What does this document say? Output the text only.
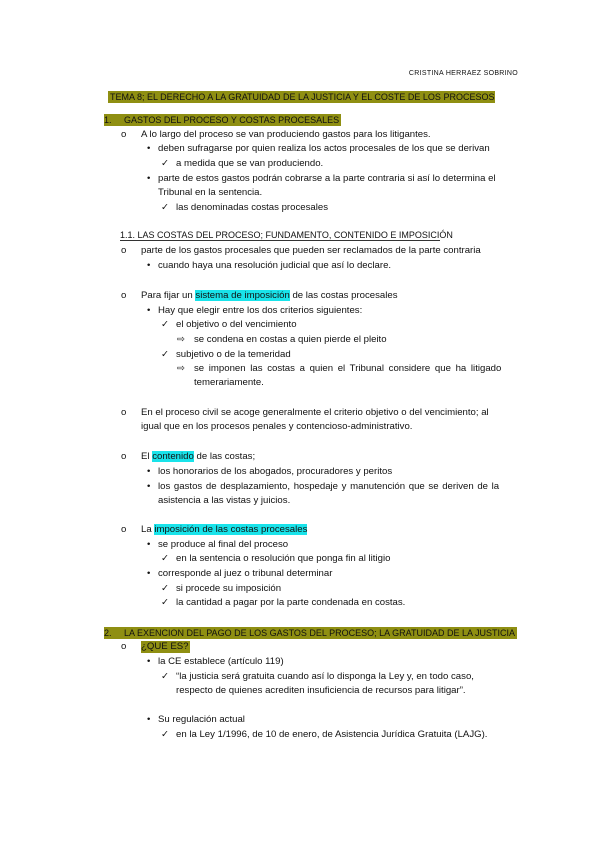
CRISTINA HERRAEZ SOBRINO
TEMA 8; EL DERECHO A LA GRATUIDAD DE LA JUSTICIA Y EL COSTE DE LOS PROCESOS
1. GASTOS DEL PROCESO Y COSTAS PROCESALES
o A lo largo del proceso se van produciendo gastos para los litigantes.
• deben sufragarse por quien realiza los actos procesales de los que se derivan
✓ a medida que se van produciendo.
• parte de estos gastos podrán cobrarse a la parte contraria si así lo determina el
Tribunal en la sentencia.
✓ las denominadas costas procesales
1.1. LAS COSTAS DEL PROCESO; FUNDAMENTO, CONTENIDO E IMPOSICIÓN
o parte de los gastos procesales que pueden ser reclamados de la parte contraria
• cuando haya una resolución judicial que así lo declare.
o Para fijar un sistema de imposición de las costas procesales
• Hay que elegir entre los dos criterios siguientes:
✓ el objetivo o del vencimiento
⇨ se condena en costas a quien pierde el pleito
✓ subjetivo o de la temeridad
⇨ se imponen las costas a quien el Tribunal considere que ha litigado
temerariamente.
o En el proceso civil se acoge generalmente el criterio objetivo o del vencimiento; al
igual que en los procesos penales y contencioso-administrativo.
o El contenido de las costas;
• los honorarios de los abogados, procuradores y peritos
• los gastos de desplazamiento, hospedaje y manutención que se deriven de la
asistencia a las vistas y juicios.
o La imposición de las costas procesales
• se produce al final del proceso
✓ en la sentencia o resolución que ponga fin al litigio
• corresponde al juez o tribunal determinar
✓ si procede su imposición
✓ la cantidad a pagar por la parte condenada en costas.
2. LA EXENCION DEL PAGO DE LOS GASTOS DEL PROCESO; LA GRATUIDAD DE LA JUSTICIA
o ¿QUE ES?
• la CE establece (artículo 119)
✓ “la justicia será gratuita cuando así lo disponga la Ley y, en todo caso,
respecto de quienes acrediten insuficiencia de recursos para litigar”.
• Su regulación actual
✓ en la Ley 1/1996, de 10 de enero, de Asistencia Jurídica Gratuita (LAJG).
